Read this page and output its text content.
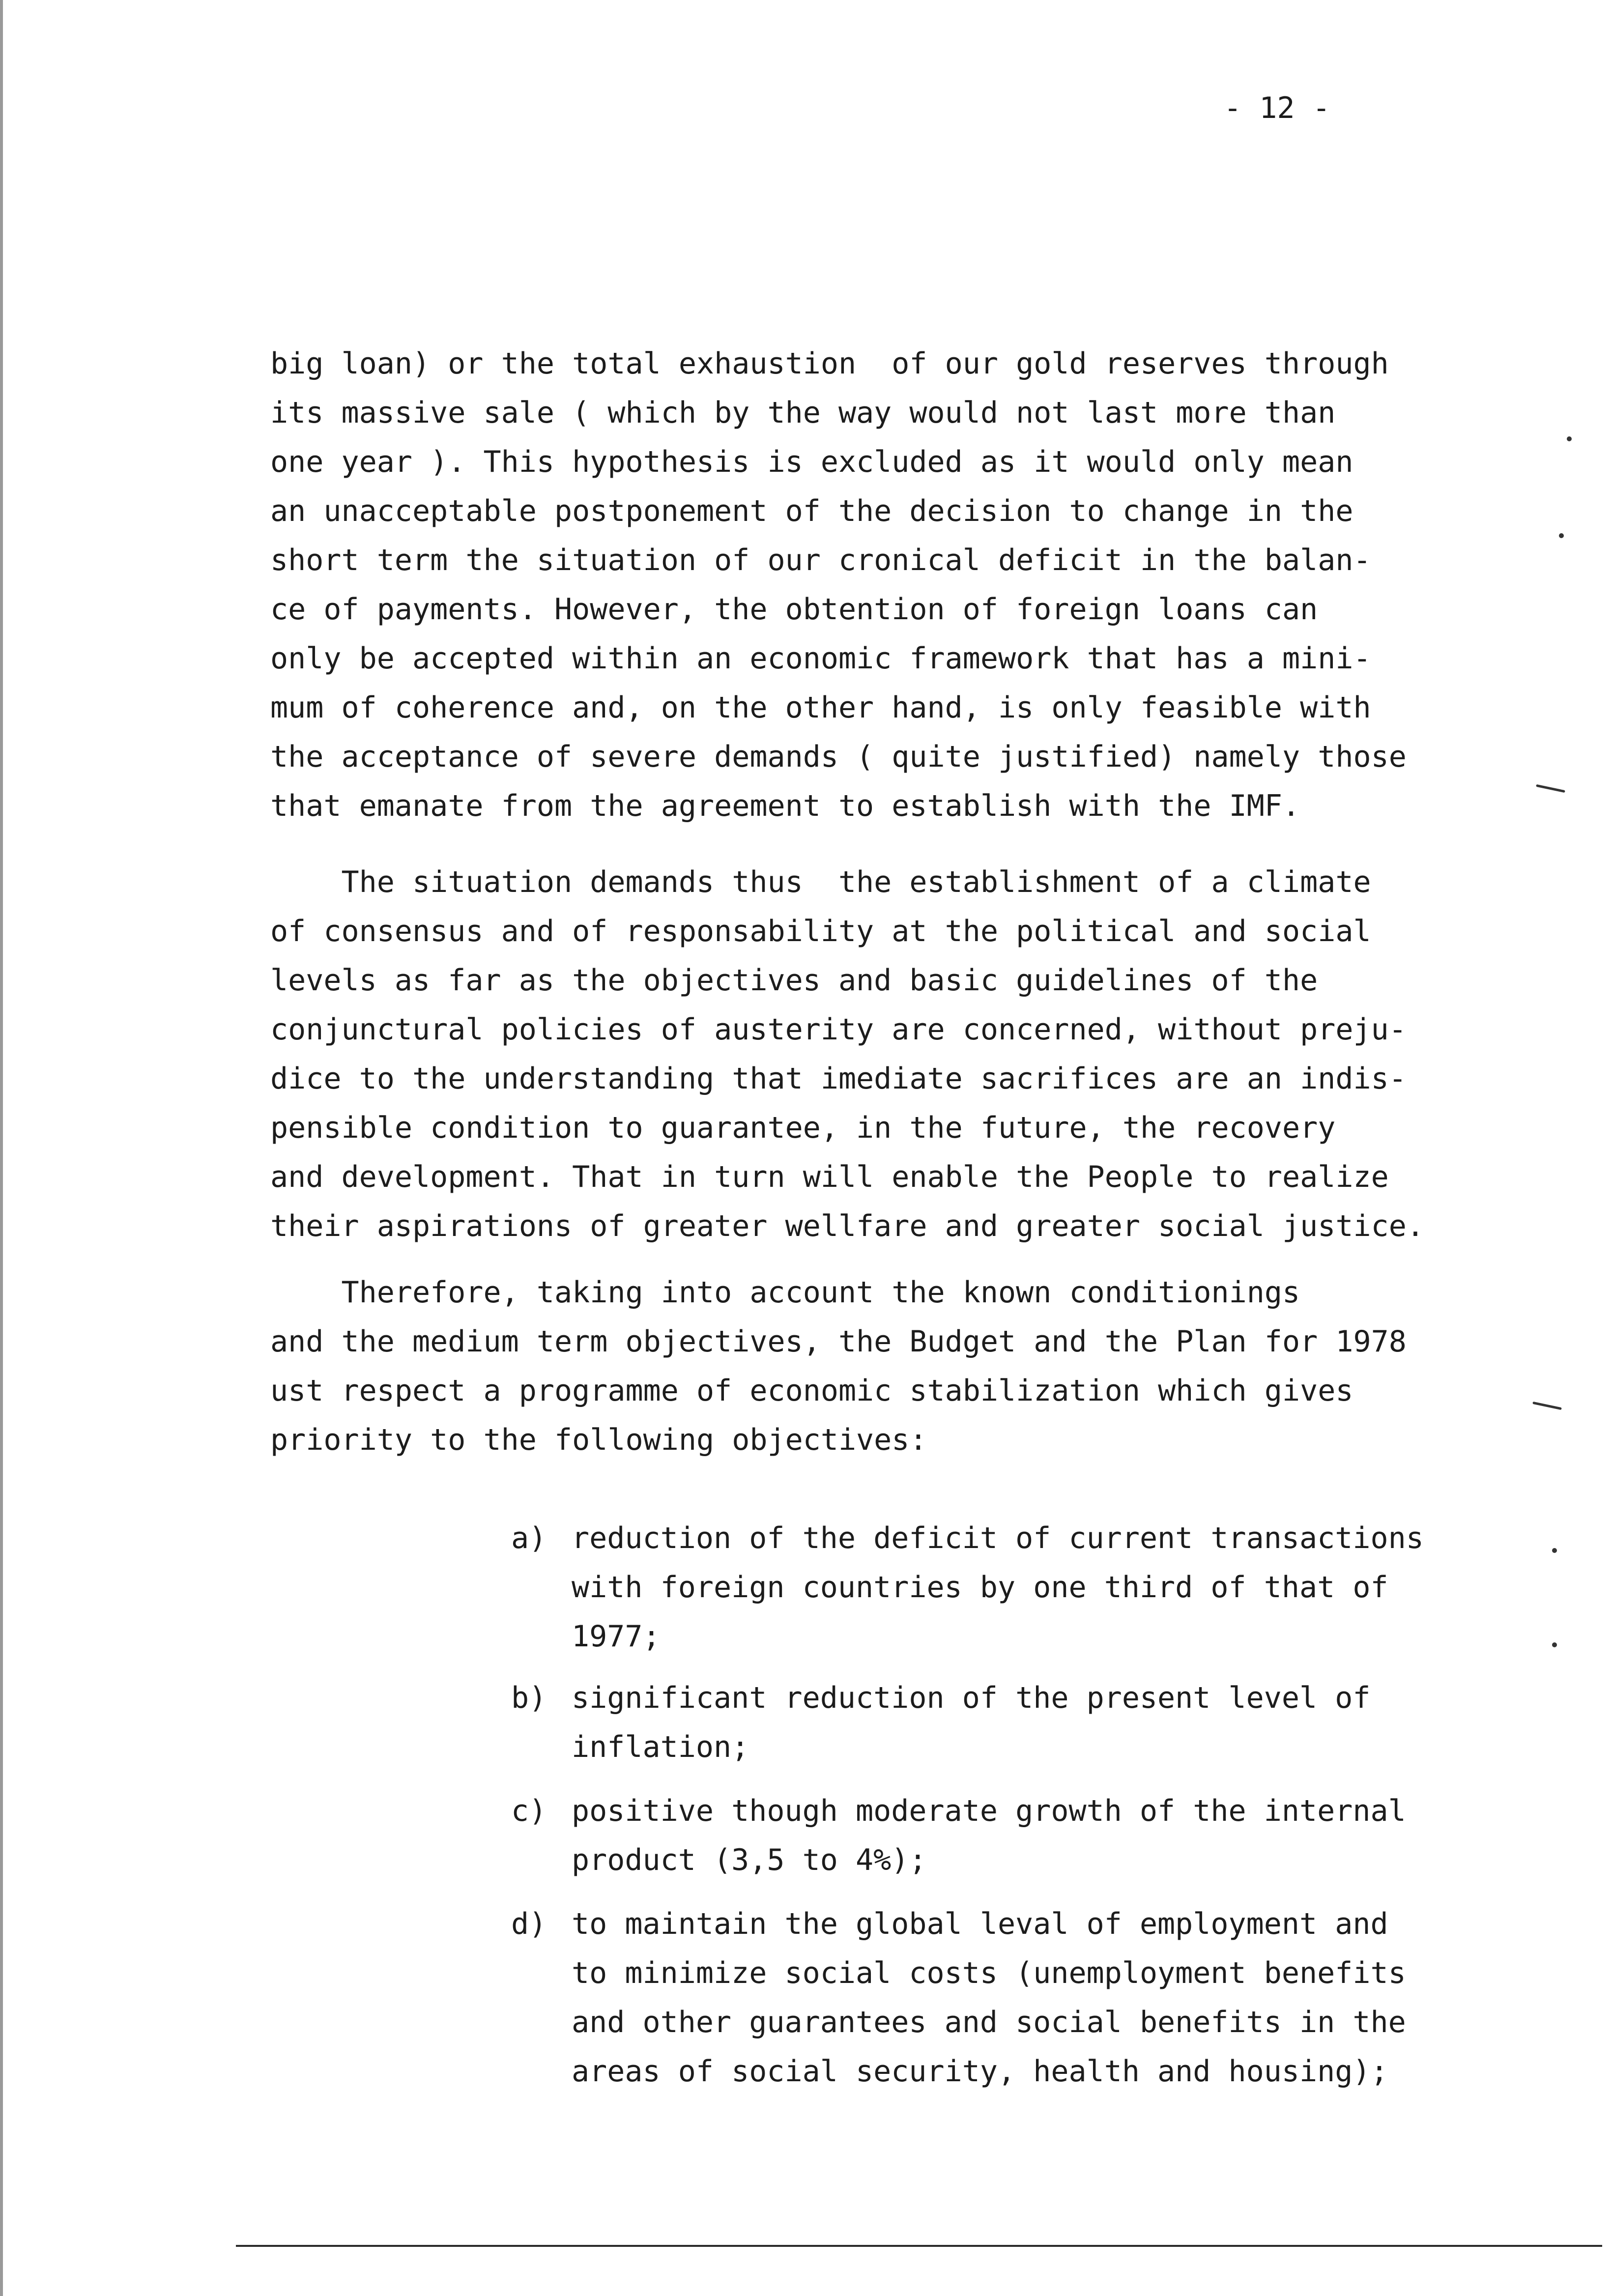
- 12 -
big loan) or the total exhaustion  of our gold reserves through
its massive sale ( which by the way would not last more than
one year ). This hypothesis is excluded as it would only mean
an unacceptable postponement of the decision to change in the
short term the situation of our cronical deficit in the balan-
ce of payments. However, the obtention of foreign loans can
only be accepted within an economic framework that has a mini-
mum of coherence and, on the other hand, is only feasible with
the acceptance of severe demands ( quite justified) namely those
that emanate from the agreement to establish with the IMF.
The situation demands thus  the establishment of a climate
of consensus and of responsability at the political and social
levels as far as the objectives and basic guidelines of the
conjunctural policies of austerity are concerned, without preju-
dice to the understanding that imediate sacrifices are an indis-
pensible condition to guarantee, in the future, the recovery
and development. That in turn will enable the People to realize
their aspirations of greater wellfare and greater social justice.
Therefore, taking into account the known conditionings
and the medium term objectives, the Budget and the Plan for 1978
ust respect a programme of economic stabilization which gives
priority to the following objectives:
a) reduction of the deficit of current transactions
with foreign countries by one third of that of
1977;
b) significant reduction of the present level of
inflation;
c) positive though moderate growth of the internal
product (3,5 to 4%);
d) to maintain the global leval of employment and
to minimize social costs (unemployment benefits
and other guarantees and social benefits in the
areas of social security, health and housing);
